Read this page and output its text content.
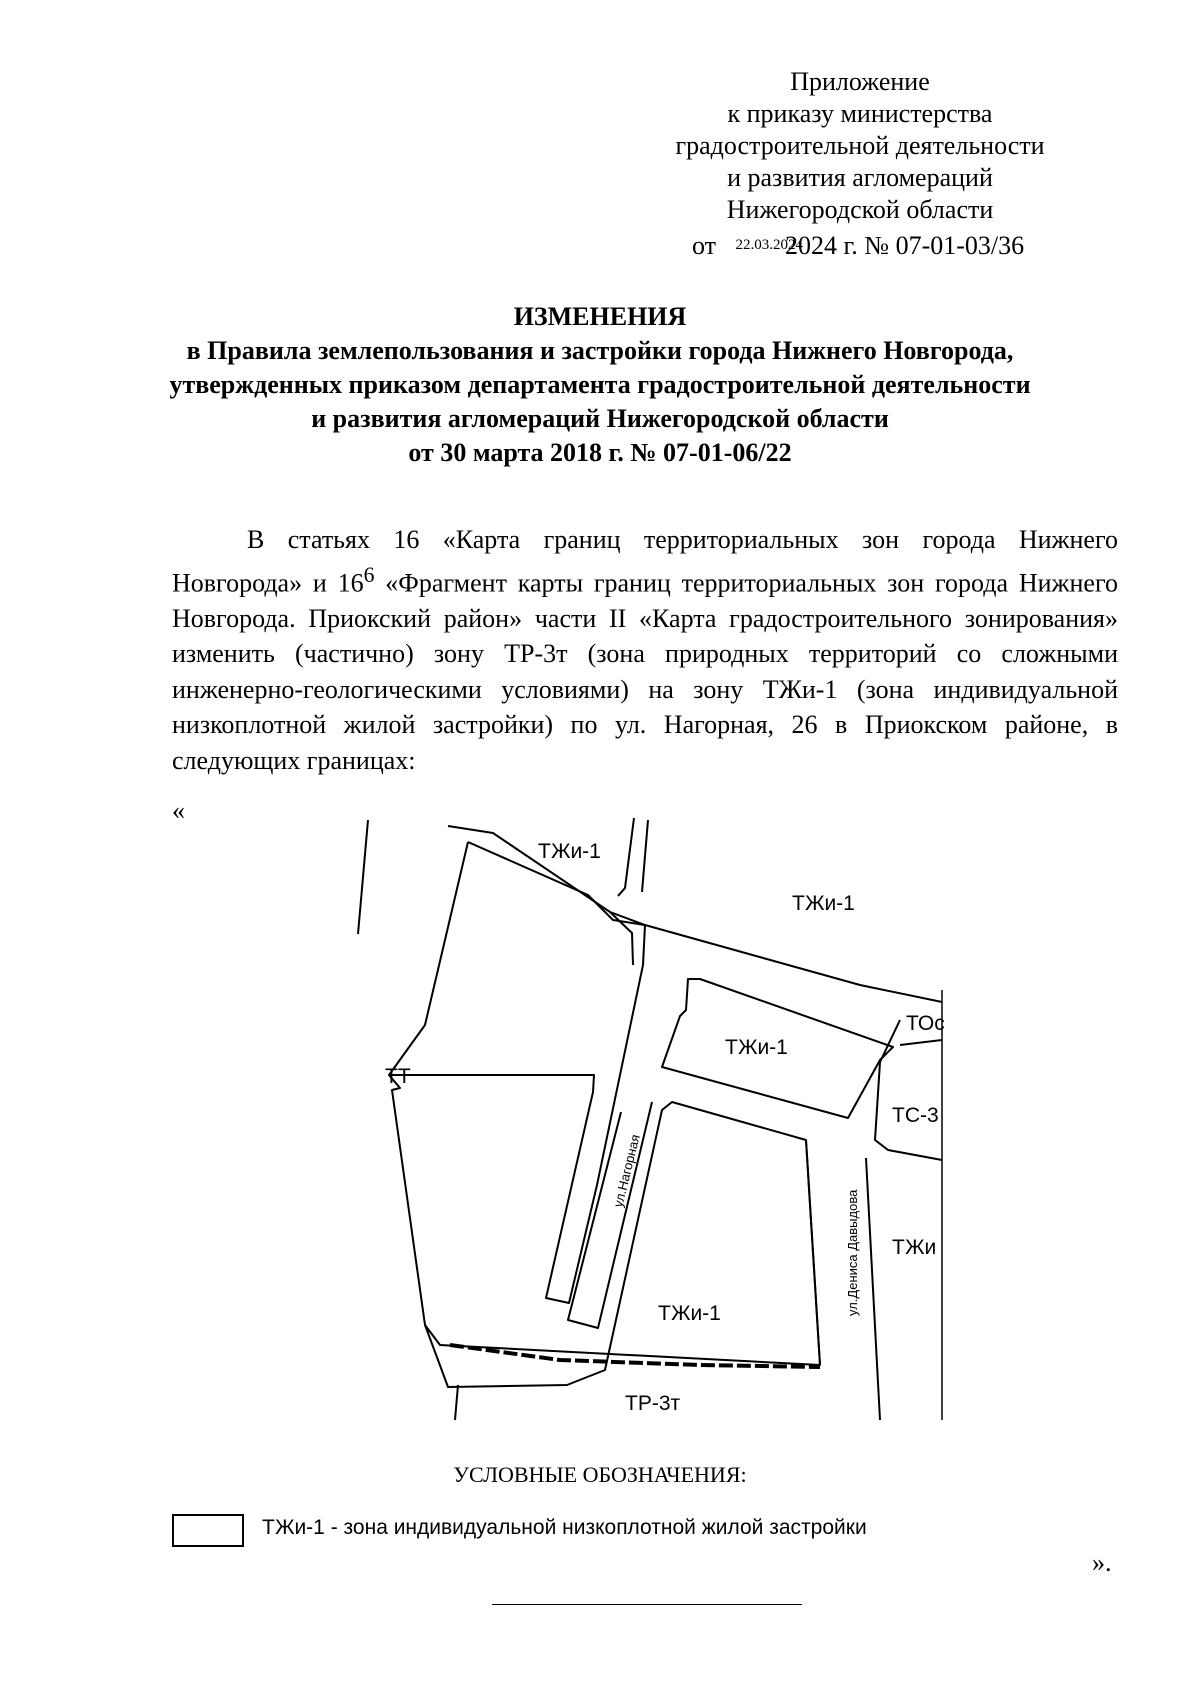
Приложение
к приказу министерства
градостроительной деятельности
и развития агломераций
Нижегородской области
от 22.03.20242024 г. № 07-01-03/36
ИЗМЕНЕНИЯ
в Правила землепользования и застройки города Нижнего Новгорода,
утвержденных приказом департамента градостроительной деятельности
и развития агломераций Нижегородской области
от 30 марта 2018 г. № 07-01-06/22

В статьях 16 «Карта границ территориальных зон города Нижнего Новгорода» и $16^6$ «Фрагмент карты границ территориальных зон города Нижнего Новгорода. Приокский район» части II «Карта градостроительного зонирования» изменить (частично) зону ТР-3т (зона природных территорий со сложными инженерно-геологическими условиями) на зону ТЖи-1 (зона индивидуальной низкоплотной жилой застройки) по ул. Нагорная, 26 в Приокском районе, в следующих границах:

«
ТЖи-1
ТЖи-1
ТЖи-1
ТЖи-1
ТС-3
ТЖи
ТР-3т
ТТ
ТОс
ул.Нагорная
ул.Дениса Давыдова
УСЛОВНЫЕ ОБОЗНАЧЕНИЯ:
ТЖи-1 - зона индивидуальной низкоплотной жилой застройки
».
